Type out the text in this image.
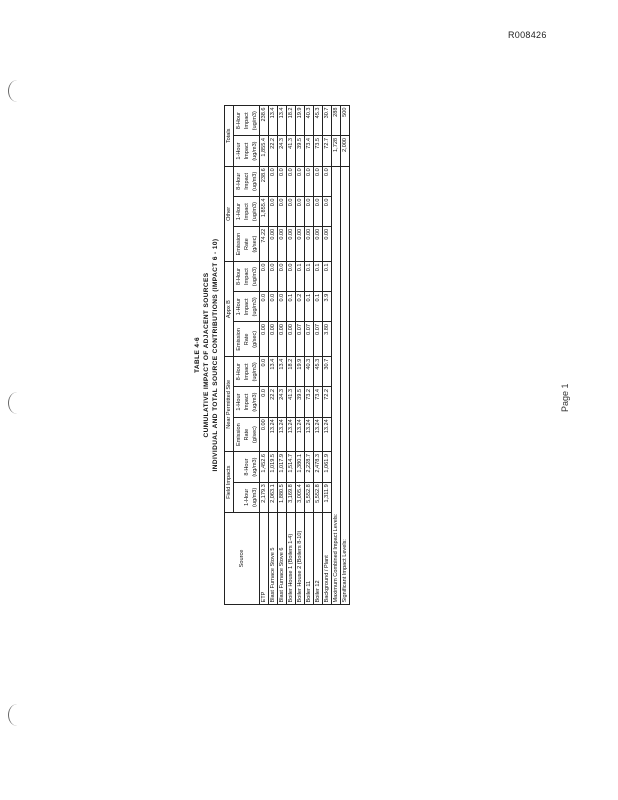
R008426
Page 1
TABLE 4-6 CUMULATIVE IMPACT OF ADJACENT SOURCES INDIVIDUAL AND TOTAL SOURCE CONTRIBUTIONS (IMPACT 6 - 10)
Source	Field Impacts		Near Permitted Site			Appx B			Other			Totals	
	1-Hour (ug/m3)	8-Hour (ug/m3)	Emission Rate (g/sec)	1-Hour Impact (ug/m3)	8-Hour Impact (ug/m3)	Emission Rate (g/sec)	1-Hour Impact (ug/m3)	8-Hour Impact (ug/m3)	Emission Rate (g/sec)	1-Hour Impact (ug/m3)	8-Hour Impact (ug/m3)	1-Hour Impact (ug/m3)	8-Hour Impact (ug/m3)
ETP	2,179.3	1,452.6	0.00	0.0	0.0	0.00	0.0	0.0	74.22	1,855.4	238.6	1,855.4	238.6
Blast Furnace Stove 5	2,063.1	1,019.5	13.24	22.2	13.4	0.00	0.0	0.0	0.00	0.0	0.0	22.2	13.4
Blast Furnace Stove 6	1,880.5	1,017.9	13.24	24.3	13.4	0.00	0.0	0.0	0.00	0.0	0.0	24.3	13.4
Boiler House 1 (Boilers 1-4)	3,169.8	1,514.7	13.24	41.3	18.2	0.00	0.1	0.0	0.00	0.0	0.0	41.3	18.2
Boiler House 2 (Boilers 8-10)	3,005.4	1,380.1	13.24	39.5	19.9	0.07	0.2	0.1	0.00	0.0	0.0	39.5	19.9
Boiler 11	5,552.8	2,228.7	13.24	73.2	40.3	0.07	0.1	0.1	0.00	0.0	0.0	73.4	40.3
Boiler 12	5,552.8	2,478.3	13.24	73.4	45.3	0.07	0.1	0.1	0.00	0.0	0.0	73.5	45.3
Background / Plant	1,311.9	1,061.9	13.24	72.2	30.7	3.80	3.9	0.1	0.00	0.0	0.0	72.7	30.7
Maximum Combined Impact Levels:												1,728	288
Significant Impact Levels:												2,000	500
